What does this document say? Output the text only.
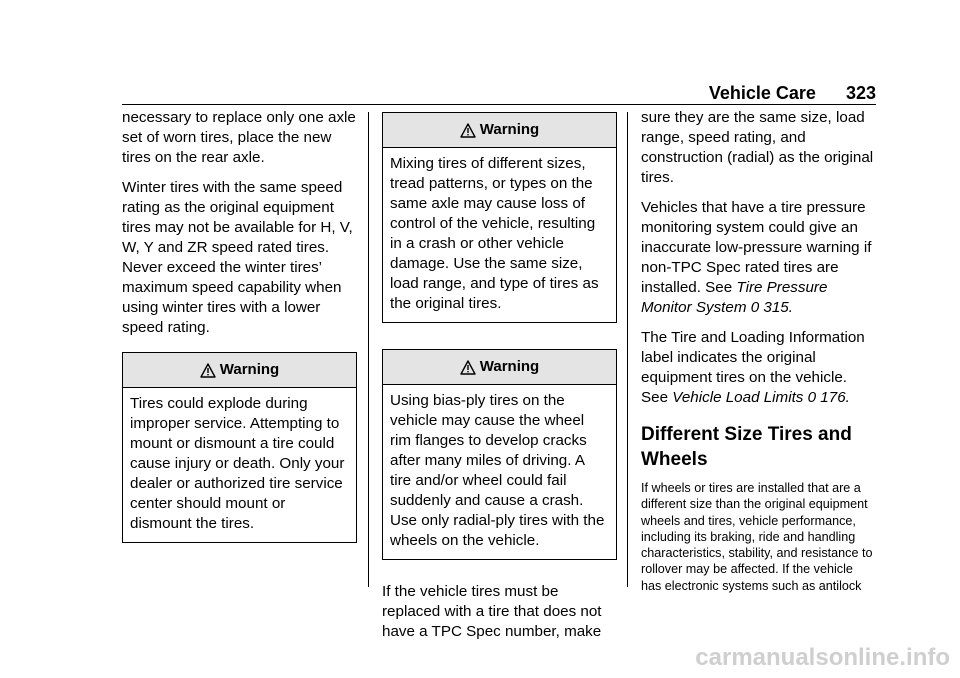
Vehicle Care 323

necessary to replace only one axle set of worn tires, place the new tires on the rear axle.

Winter tires with the same speed rating as the original equipment tires may not be available for H, V, W, Y and ZR speed rated tires. Never exceed the winter tires’ maximum speed capability when using winter tires with a lower speed rating.

Warning
Tires could explode during improper service. Attempting to mount or dismount a tire could cause injury or death. Only your dealer or authorized tire service center should mount or dismount the tires.
Warning
Mixing tires of different sizes, tread patterns, or types on the same axle may cause loss of control of the vehicle, resulting in a crash or other vehicle damage. Use the same size, load range, and type of tires as the original tires.
Warning
Using bias-ply tires on the vehicle may cause the wheel rim flanges to develop cracks after many miles of driving. A tire and/or wheel could fail suddenly and cause a crash. Use only radial-ply tires with the wheels on the vehicle.

If the vehicle tires must be replaced with a tire that does not have a TPC Spec number, make

sure they are the same size, load range, speed rating, and construction (radial) as the original tires.

Vehicles that have a tire pressure monitoring system could give an inaccurate low-pressure warning if non-TPC Spec rated tires are installed. See Tire Pressure Monitor System 0 315.

The Tire and Loading Information label indicates the original equipment tires on the vehicle. See Vehicle Load Limits 0 176.

Different Size Tires and Wheels

If wheels or tires are installed that are a different size than the original equipment wheels and tires, vehicle performance, including its braking, ride and handling characteristics, stability, and resistance to rollover may be affected. If the vehicle has electronic systems such as antilock

carmanualsonline.info
